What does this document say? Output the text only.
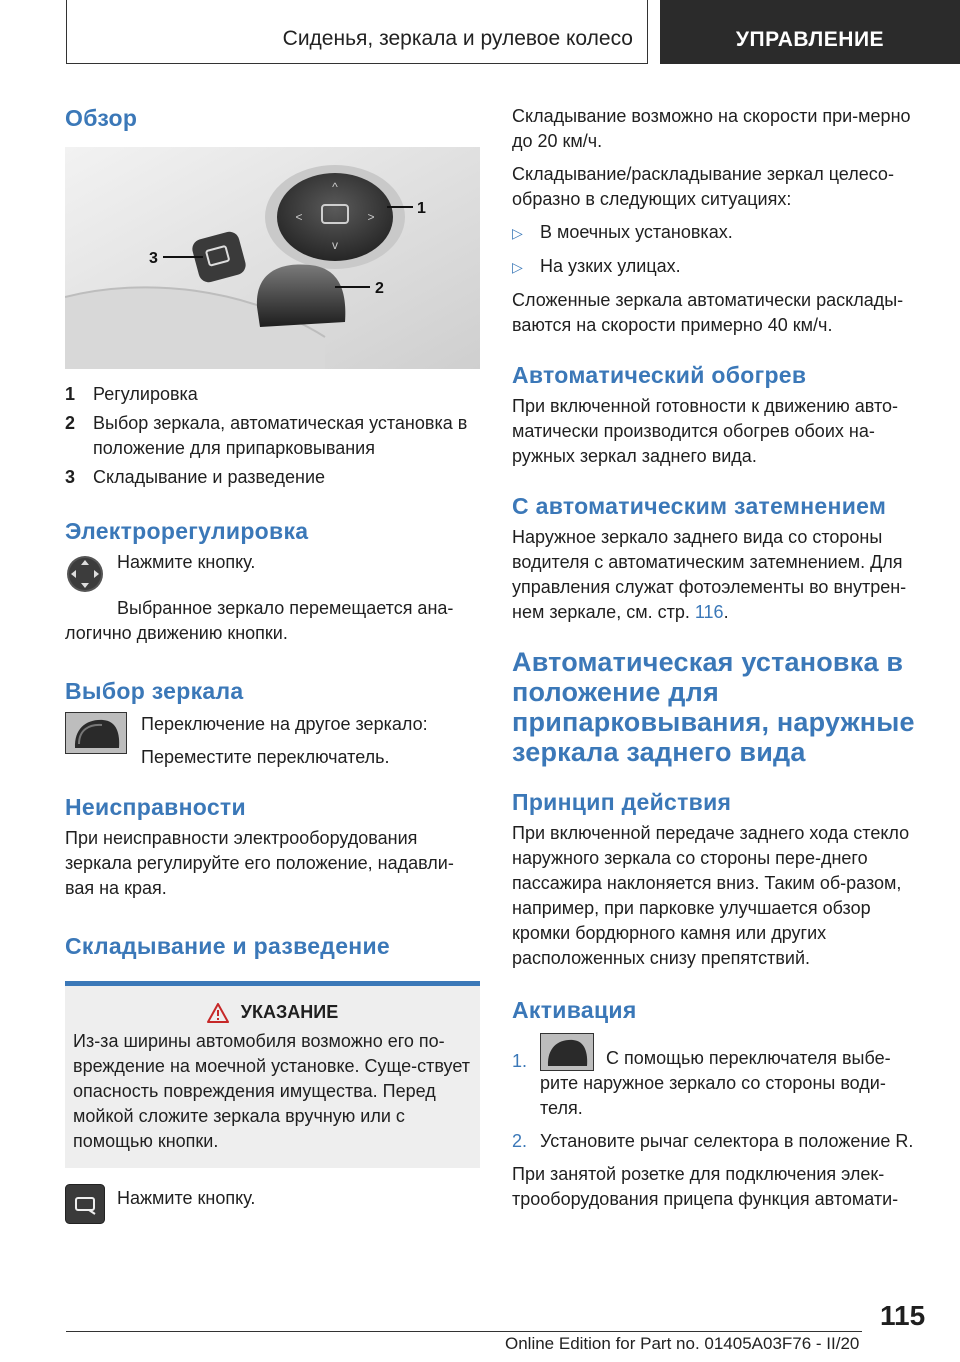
Сиденья, зеркала и рулевое колесо	УПРАВЛЕНИЕ
Обзор
^
v
<	>	1
2
3
1 Регулировка
2 Выбор зеркала, автоматическая установка в положение для припарковывания
3 Складывание и разведение
Электрорегулировка

Нажмите кнопку.

Выбранное зеркало перемещается ана-логично движению кнопки.

Выбор зеркала

Переключение на другое зеркало:

Переместите переключатель.

Неисправности

При неисправности электрооборудования зеркала регулируйте его положение, надавли-вая на края.

Складывание и разведение
УКАЗАНИЕ

Из-за ширины автомобиля возможно его по-вреждение на моечной установке. Суще-ствует опасность повреждения имущества. Перед мойкой сложите зеркала вручную или с помощью кнопки.

Нажмите кнопку.

Складывание возможно на скорости при-мерно до 20 км/ч.

Складывание/раскладывание зеркал целесо-образно в следующих ситуациях:

▷ В моечных установках.
▷ На узких улицах.

Сложенные зеркала автоматически расклады-ваются на скорости примерно 40 км/ч.

Автоматический обогрев

При включенной готовности к движению авто-матически производится обогрев обоих на-ружных зеркал заднего вида.

С автоматическим затемнением

Наружное зеркало заднего вида со стороны водителя с автоматическим затемнением. Для управления служат фотоэлементы во внутрен-нем зеркале, см. стр. 116.

Автоматическая установка в положение для припарковывания, наружные зеркала заднего вида
Принцип действия

При включенной передаче заднего хода стекло наружного зеркала со стороны пере-днего пассажира наклоняется вниз. Таким об-разом, например, при парковке улучшается обзор кромки бордюрного камня или других расположенных снизу препятствий.

Активация
1.	С помощью переключателя выбе-рите наружное зеркало со стороны води-теля.
2. Установите рычаг селектора в положение R.

При занятой розетке для подключения элек-трооборудования прицепа функция автомати-

115
Online Edition for Part no. 01405A03F76 - II/20
